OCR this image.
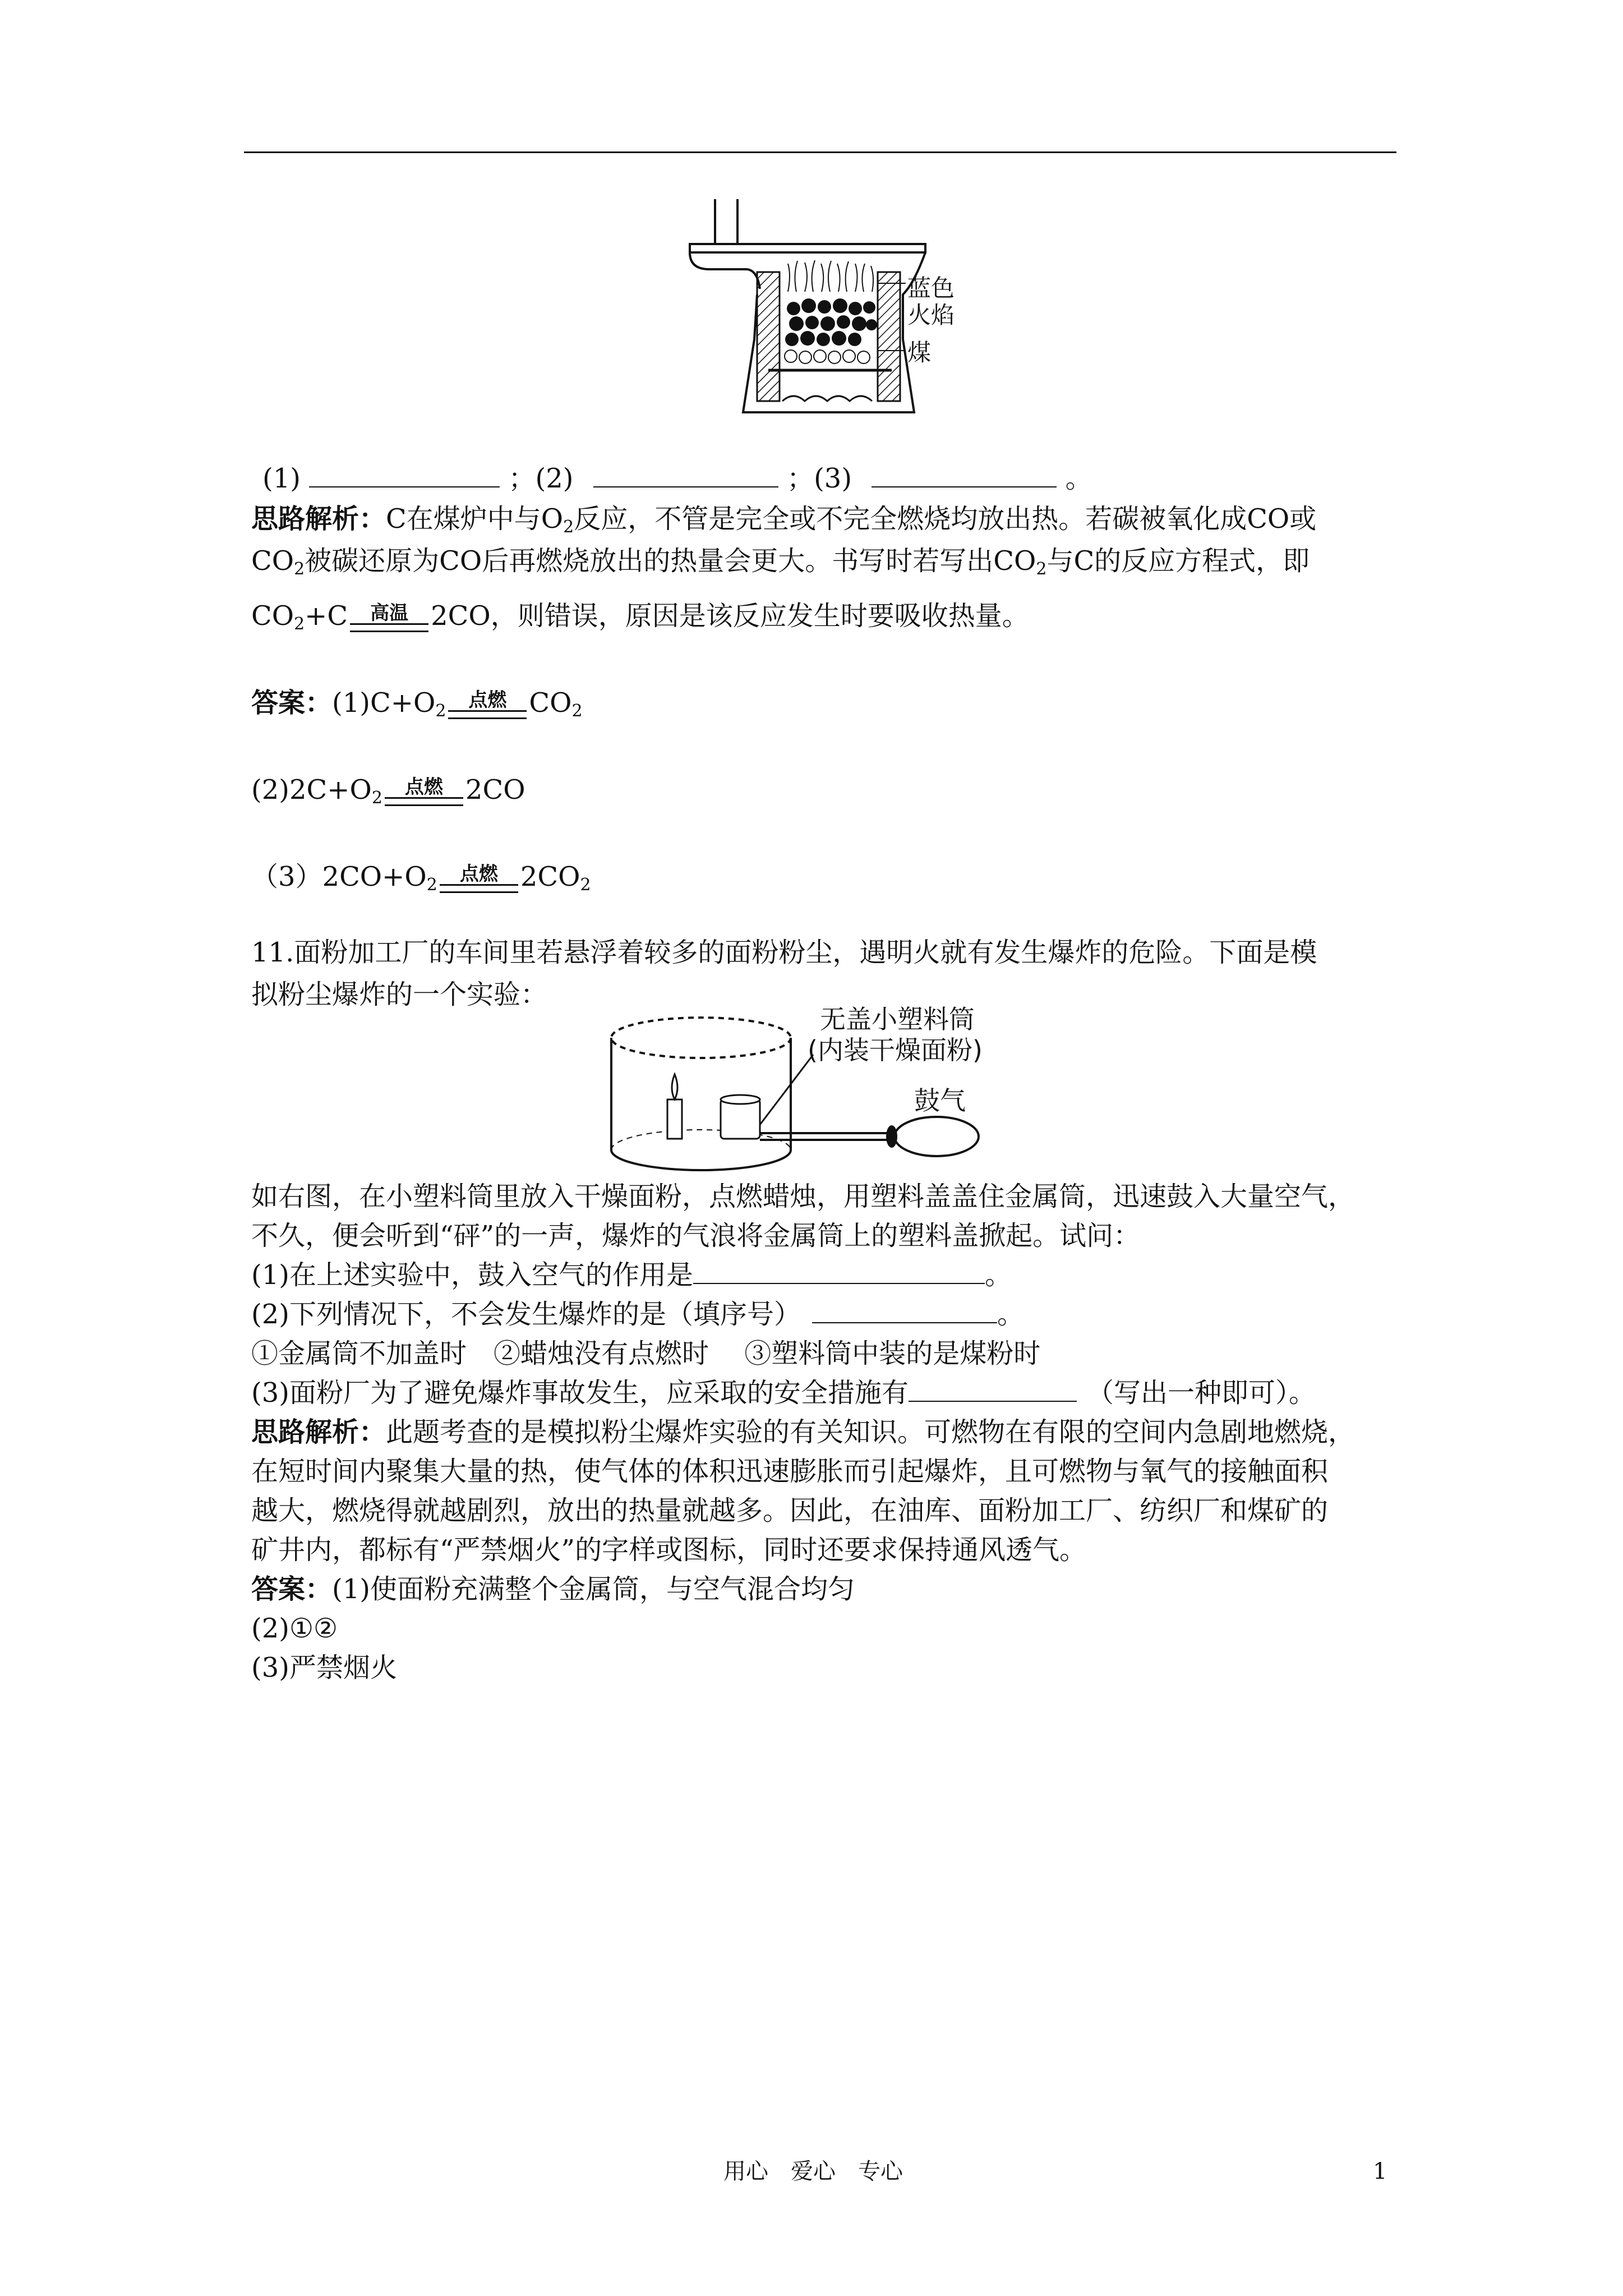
蓝色
火焰
煤
(1)	；(2)	；(3)	。
思路解析：C在煤炉中与$O_2$反应，不管是完全或不完全燃烧均放出热。若碳被氧化成CO或
$CO_2$被碳还原为CO后再燃烧放出的热量会更大。书写时若写出$CO_2$与C的反应方程式，即
$CO_2+C$ 高温 2CO，则错误，原因是该反应发生时要吸收热量。
答案：$(1)C+O_2$ 点燃 $CO_2$
$(2)2C+O_2$ 点燃 2CO
$(3)2CO+O_2$ 点燃 $2CO_2$
11.面粉加工厂的车间里若悬浮着较多的面粉粉尘，遇明火就有发生爆炸的危险。下面是模
拟粉尘爆炸的一个实验：
无盖小塑料筒
(内装干燥面粉)
鼓气
如右图，在小塑料筒里放入干燥面粉，点燃蜡烛，用塑料盖盖住金属筒，迅速鼓入大量空气，
不久，便会听到“砰”的一声，爆炸的气浪将金属筒上的塑料盖掀起。试问：
(1)在上述实验中，鼓入空气的作用是	。
(2)下列情况下，不会发生爆炸的是（填序号）	。
①金属筒不加盖时　②蜡烛没有点燃时　 ③塑料筒中装的是煤粉时
(3)面粉厂为了避免爆炸事故发生，应采取的安全措施有	（写出一种即可）。
思路解析：此题考查的是模拟粉尘爆炸实验的有关知识。可燃物在有限的空间内急剧地燃烧，
在短时间内聚集大量的热，使气体的体积迅速膨胀而引起爆炸，且可燃物与氧气的接触面积
越大，燃烧得就越剧烈，放出的热量就越多。因此，在油库、面粉加工厂、纺织厂和煤矿的
矿井内，都标有“严禁烟火”的字样或图标，同时还要求保持通风透气。
答案：(1)使面粉充满整个金属筒，与空气混合均匀
(2)①②
(3)严禁烟火
用心　爱心　专心	1
